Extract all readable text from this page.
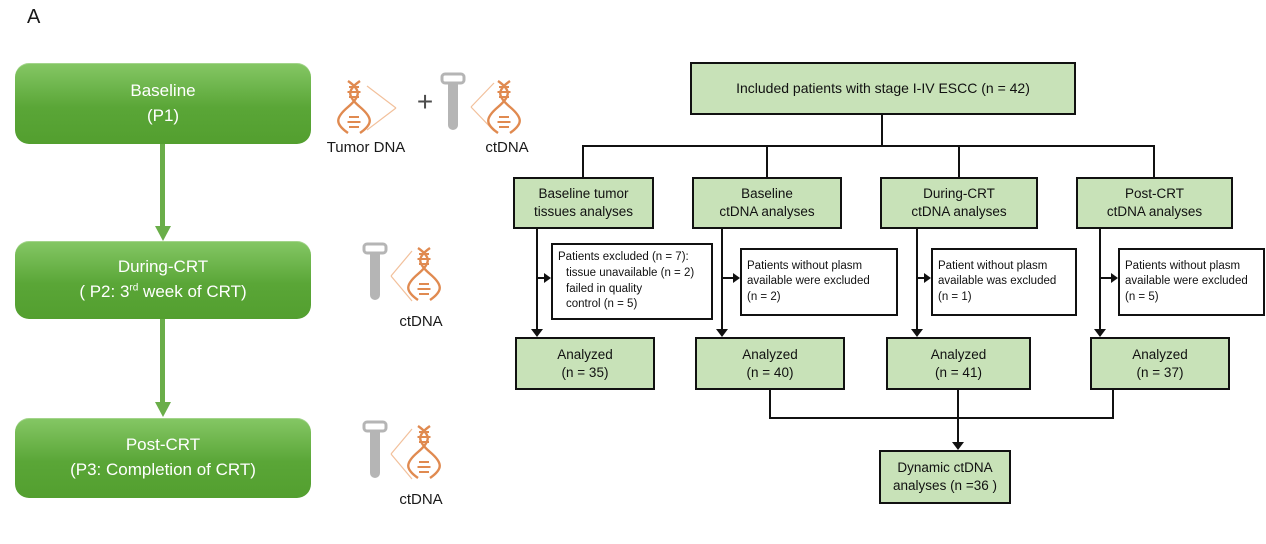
A
Baseline
(P1)
During-CRT
( P2: 3rd week of CRT)
Post-CRT
(P3: Completion of CRT)
+
Tumor DNA	ctDNA
ctDNA
ctDNA
Included patients with stage I-IV ESCC (n = 42)
Baseline tumor
tissues analyses
Baseline
ctDNA analyses
During-CRT
ctDNA analyses
Post-CRT
ctDNA analyses
Patients excluded (n = 7):
tissue unavailable (n = 2)
failed in quality
control (n = 5)
Patients without plasm
available were excluded
(n = 2)
Patient without plasm
available was excluded
(n = 1)
Patients without plasm
available were excluded
(n = 5)
Analyzed
(n = 35)
Analyzed
(n = 40)
Analyzed
(n = 41)
Analyzed
(n = 37)
Dynamic ctDNA
analyses (n =36 )
